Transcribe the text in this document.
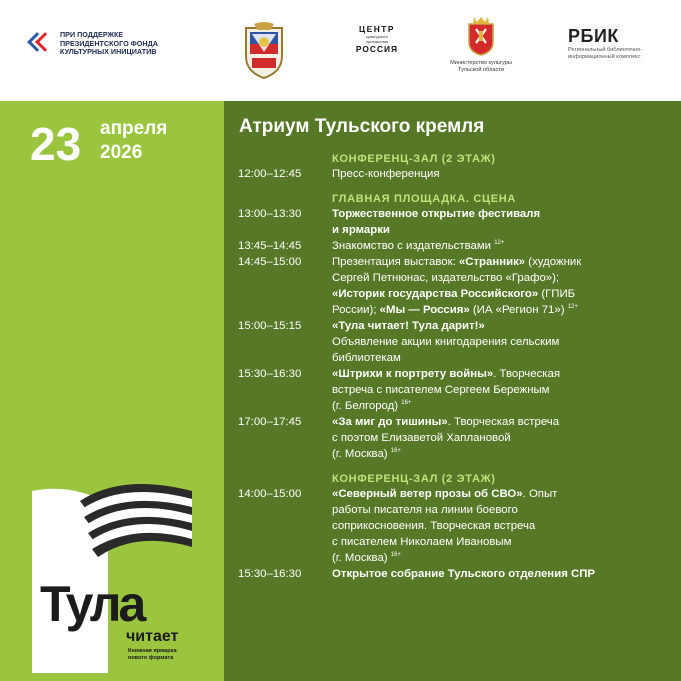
ПРИ ПОДДЕРЖКЕ
ПРЕЗИДЕНТСКОГО ФОНДА
КУЛЬТУРНЫХ ИНИЦИАТИВ
ЦЕНТР
культурного
притяжения
РОССИЯ
Министерство культуры
Тульской области
РБИК
Региональный библиотечно-
информационный комплекс
23 апреля
2026
Тула
читает
Книжная ярмарка
нового формата
Атриум Тульского кремля
КОНФЕРЕНЦ-ЗАЛ (2 ЭТАЖ)
12:00–12:45	Пресс-конференция
ГЛАВНАЯ ПЛОЩАДКА. СЦЕНА
13:00–13:30	Торжественное открытие фестиваля
и ярмарки
13:45–14:45	Знакомство с издательствами $^{12+}$
14:45–15:00	Презентация выставок: «Странник» (художник
Сергей Петнюнас, издательство «Графо»);
«Историк государства Российского» (ГПИБ
России); «Мы — Россия» (ИА «Регион 71») $^{12+}$
15:00–15:15	«Тула читает! Тула дарит!»
Объявление акции книгодарения сельским
библиотекам
15:30–16:30	«Штрихи к портрету войны». Творческая
встреча с писателем Сергеем Бережным
(г. Белгород) $^{16+}$
17:00–17:45	«За миг до тишины». Творческая встреча
с поэтом Елизаветой Хаплановой
(г. Москва) $^{16+}$
КОНФЕРЕНЦ-ЗАЛ (2 ЭТАЖ)
14:00–15:00	«Северный ветер прозы об СВО». Опыт
работы писателя на линии боевого
соприкосновения. Творческая встреча
с писателем Николаем Ивановым
(г. Москва) $^{16+}$
15:30–16:30	Открытое собрание Тульского отделения СПР
